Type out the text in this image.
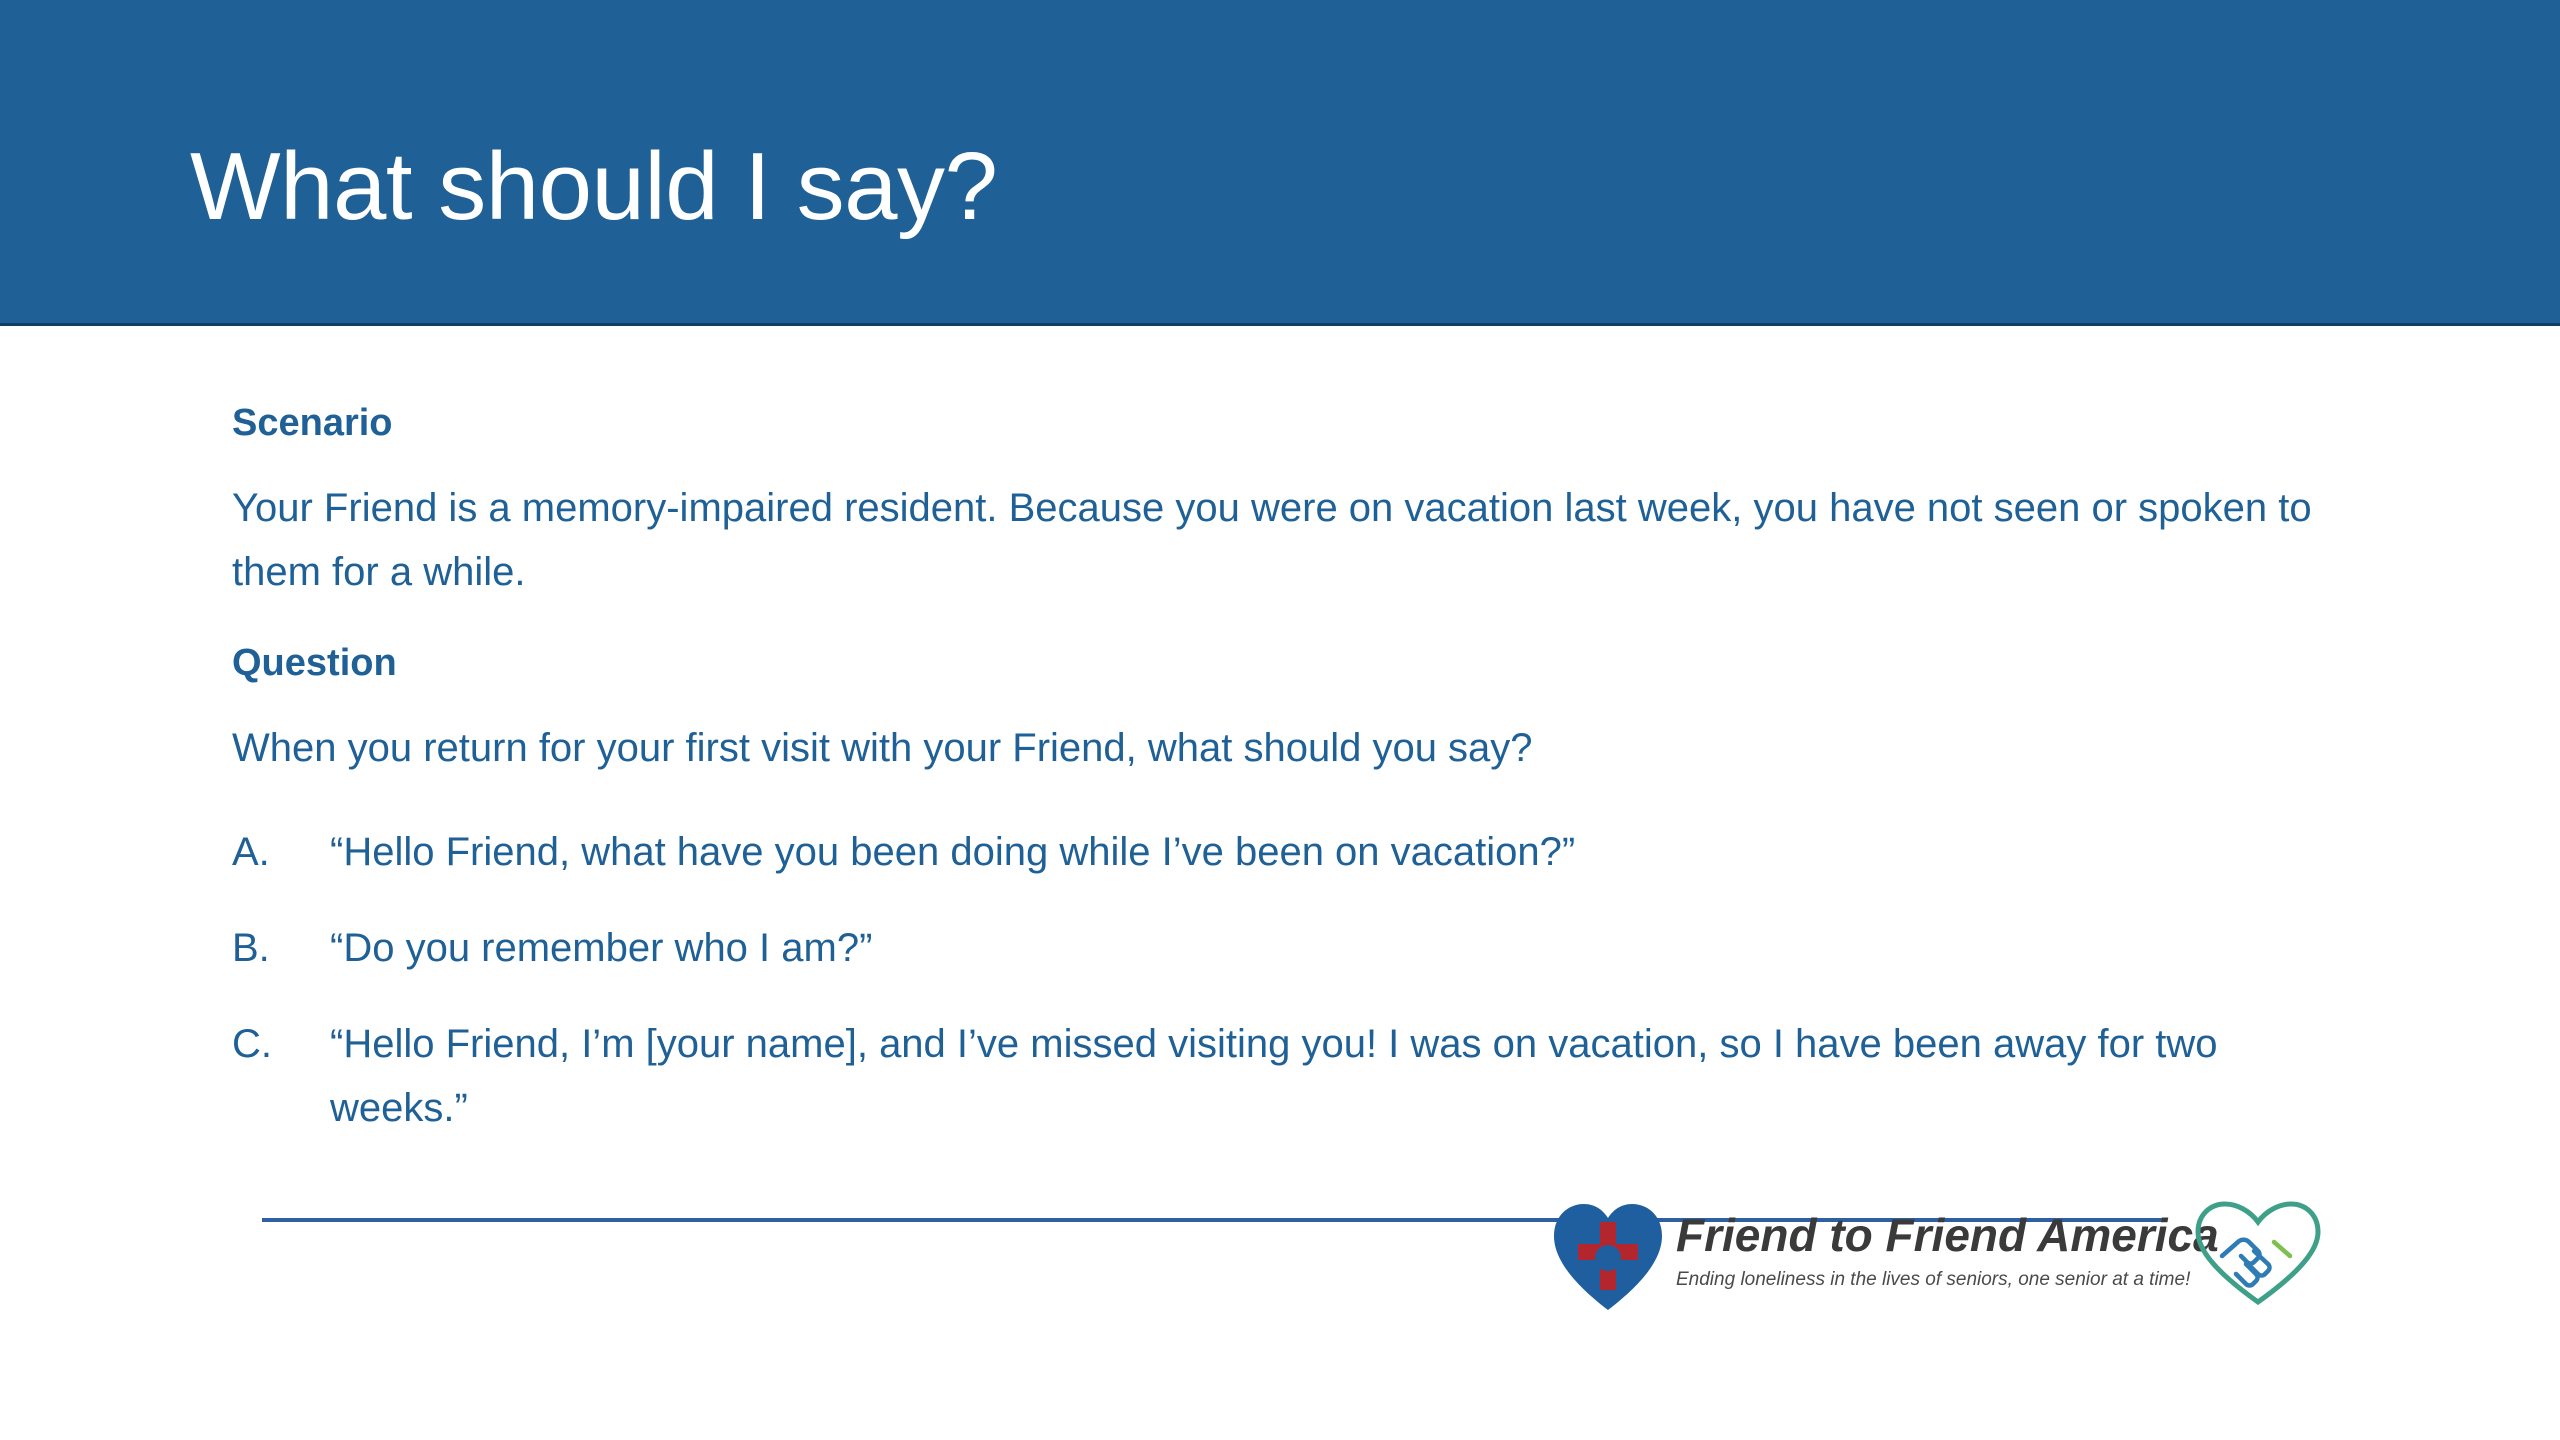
What should I say?
Scenario
Your Friend is a memory-impaired resident. Because you were on vacation last week, you have not seen or spoken to them for a while.
Question
When you return for your first visit with your Friend, what should you say?
A.	“Hello Friend, what have you been doing while I’ve been on vacation?”
B.	“Do you remember who I am?”
C.	“Hello Friend, I’m [your name], and I’ve missed visiting you! I was on vacation, so I have been away for two weeks.”
Friend to Friend America
Ending loneliness in the lives of seniors, one senior at a time!
